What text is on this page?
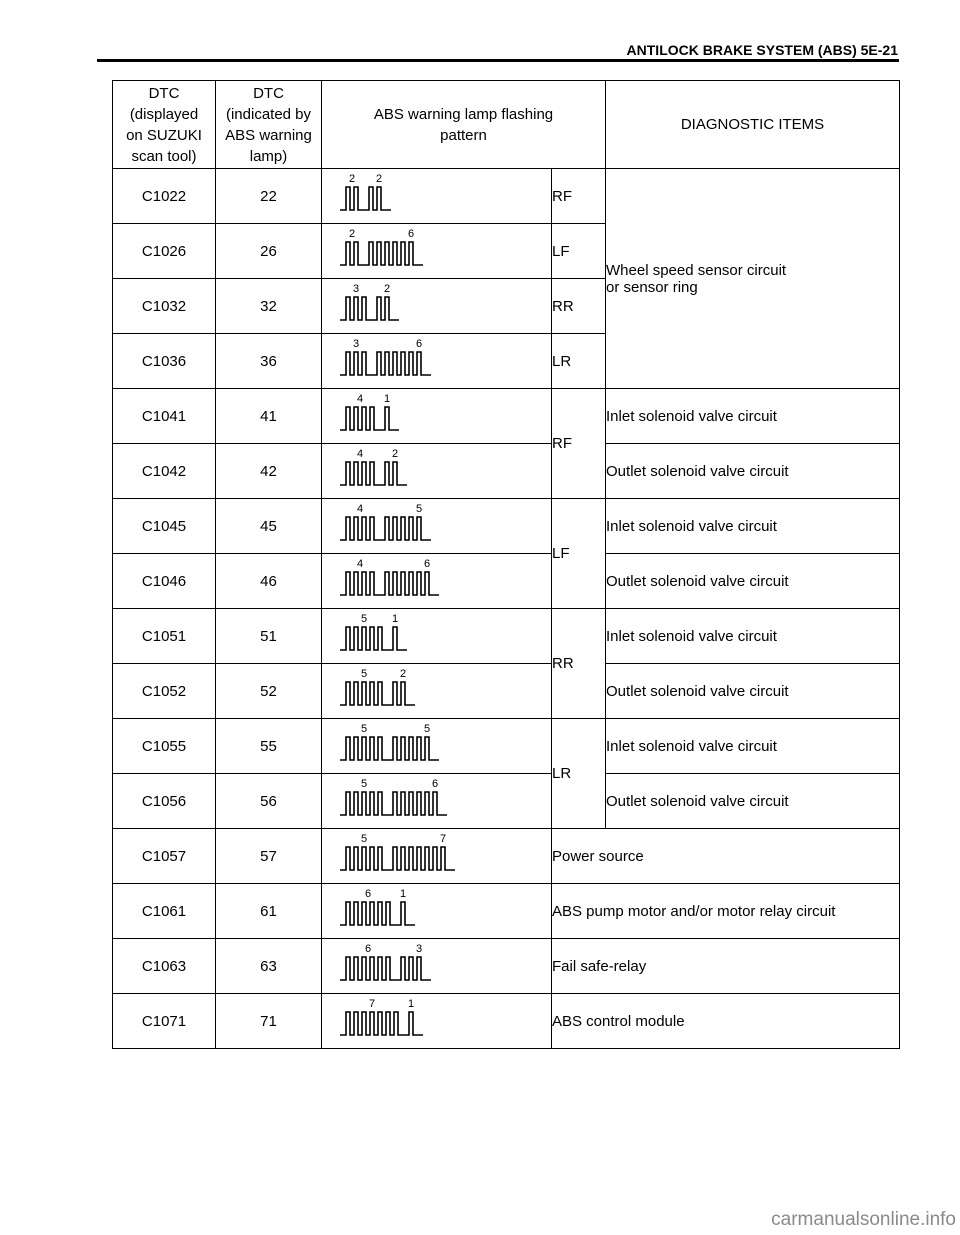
ANTILOCK BRAKE SYSTEM (ABS) 5E-21
DTC
(displayed
on SUZUKI
scan tool)	DTC
(indicated by
ABS warning
lamp)	ABS warning lamp flashing
pattern		DIAGNOSTIC ITEMS
C1022	22	2 2	RF	Wheel speed sensor circuit
or sensor ring
C1026	26	2 6	LF	
C1032	32	3 2	RR	
C1036	36	3 6	LR	
C1041	41	4 1	RF	Inlet solenoid valve circuit
C1042	42	4 2		Outlet solenoid valve circuit
C1045	45	4 5	LF	Inlet solenoid valve circuit
C1046	46	4 6		Outlet solenoid valve circuit
C1051	51	5 1	RR	Inlet solenoid valve circuit
C1052	52	5 2		Outlet solenoid valve circuit
C1055	55	5 5	LR	Inlet solenoid valve circuit
C1056	56	5 6		Outlet solenoid valve circuit
C1057	57	5 7	Power source	
C1061	61	6 1	ABS pump motor and/or motor relay circuit	
C1063	63	6 3	Fail safe-relay	
C1071	71	7 1	ABS control module	
carmanualsonline.info
